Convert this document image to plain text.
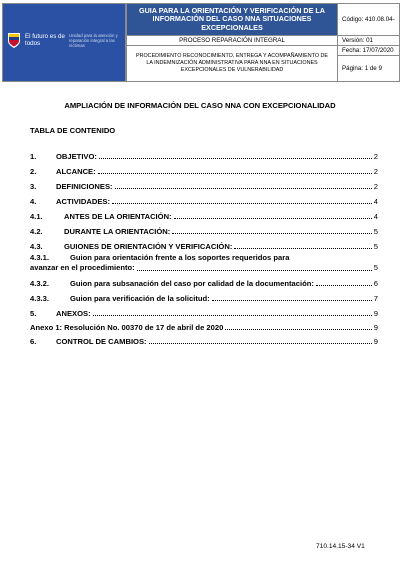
El futuro es de todos
Unidad para la atención y reparación integral a las víctimas
GUIA PARA LA ORIENTACIÓN Y VERIFICACIÓN DE LA INFORMACIÓN DEL CASO NNA SITUACIONES EXCEPCIONALES
PROCESO REPARACIÓN INTEGRAL
PROCEDIMIENTO RECONOCIMIENTO, ENTREGA Y ACOMPAÑAMIENTO DE LA INDEMNIZACIÓN ADMINISTRATIVA PARA NNA EN SITUACIONES EXCEPCIONALES DE VULNERABILIDAD
Código: 410.08.04-
Versión: 01
Fecha: 17/07/2020
Página: 1 de 9
AMPLIACIÓN DE INFORMACIÓN DEL CASO NNA CON EXCEPCIONALIDAD
TABLA DE CONTENIDO
1.	OBJETIVO:	2
2.	ALCANCE:	2
3.	DEFINICIONES:	2
4.	ACTIVIDADES:	4
4.1.	ANTES DE LA ORIENTACIÓN:	4
4.2.	DURANTE LA ORIENTACIÓN:	5
4.3.	GUIONES DE ORIENTACIÓN Y VERIFICACIÓN:	5
4.3.1.	Guion para orientación frente a los soportes requeridos para
avanzar en el procedimiento:	5
4.3.2.	Guion para subsanación del caso por calidad de la documentación:	6
4.3.3.	Guion para verificación de la solicitud:	7
5.	ANEXOS:	9
Anexo 1: Resolución No. 00370 de 17 de abril de 2020	9
6.	CONTROL DE CAMBIOS:	9
710.14.15-34 V1
